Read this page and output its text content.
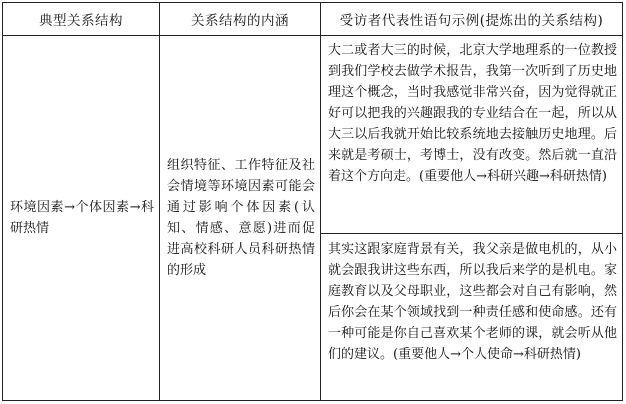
典型关系结构	关系结构的内涵	受访者代表性语句示例(提炼出的关系结构)
环境因素→个体因素→科研热情
组织特征、工作特征及社会情境等环境因素可能会通过影响个体因素(认知、情感、意愿)进而促进高校科研人员科研热情的形成
大二或者大三的时候，北京大学地理系的一位教授到我们学校去做学术报告，我第一次听到了历史地理这个概念，当时我感觉非常兴奋，因为觉得就正好可以把我的兴趣跟我的专业结合在一起，所以从大三以后我就开始比较系统地去接触历史地理。后来就是考硕士，考博士，没有改变。然后就一直沿着这个方向走。(重要他人→科研兴趣→科研热情)
其实这跟家庭背景有关，我父亲是做电机的，从小就会跟我讲这些东西，所以我后来学的是机电。家庭教育以及父母职业，这些都会对自己有影响，然后你会在某个领域找到一种责任感和使命感。还有一种可能是你自己喜欢某个老师的课，就会听从他们的建议。(重要他人→个人使命→科研热情)
